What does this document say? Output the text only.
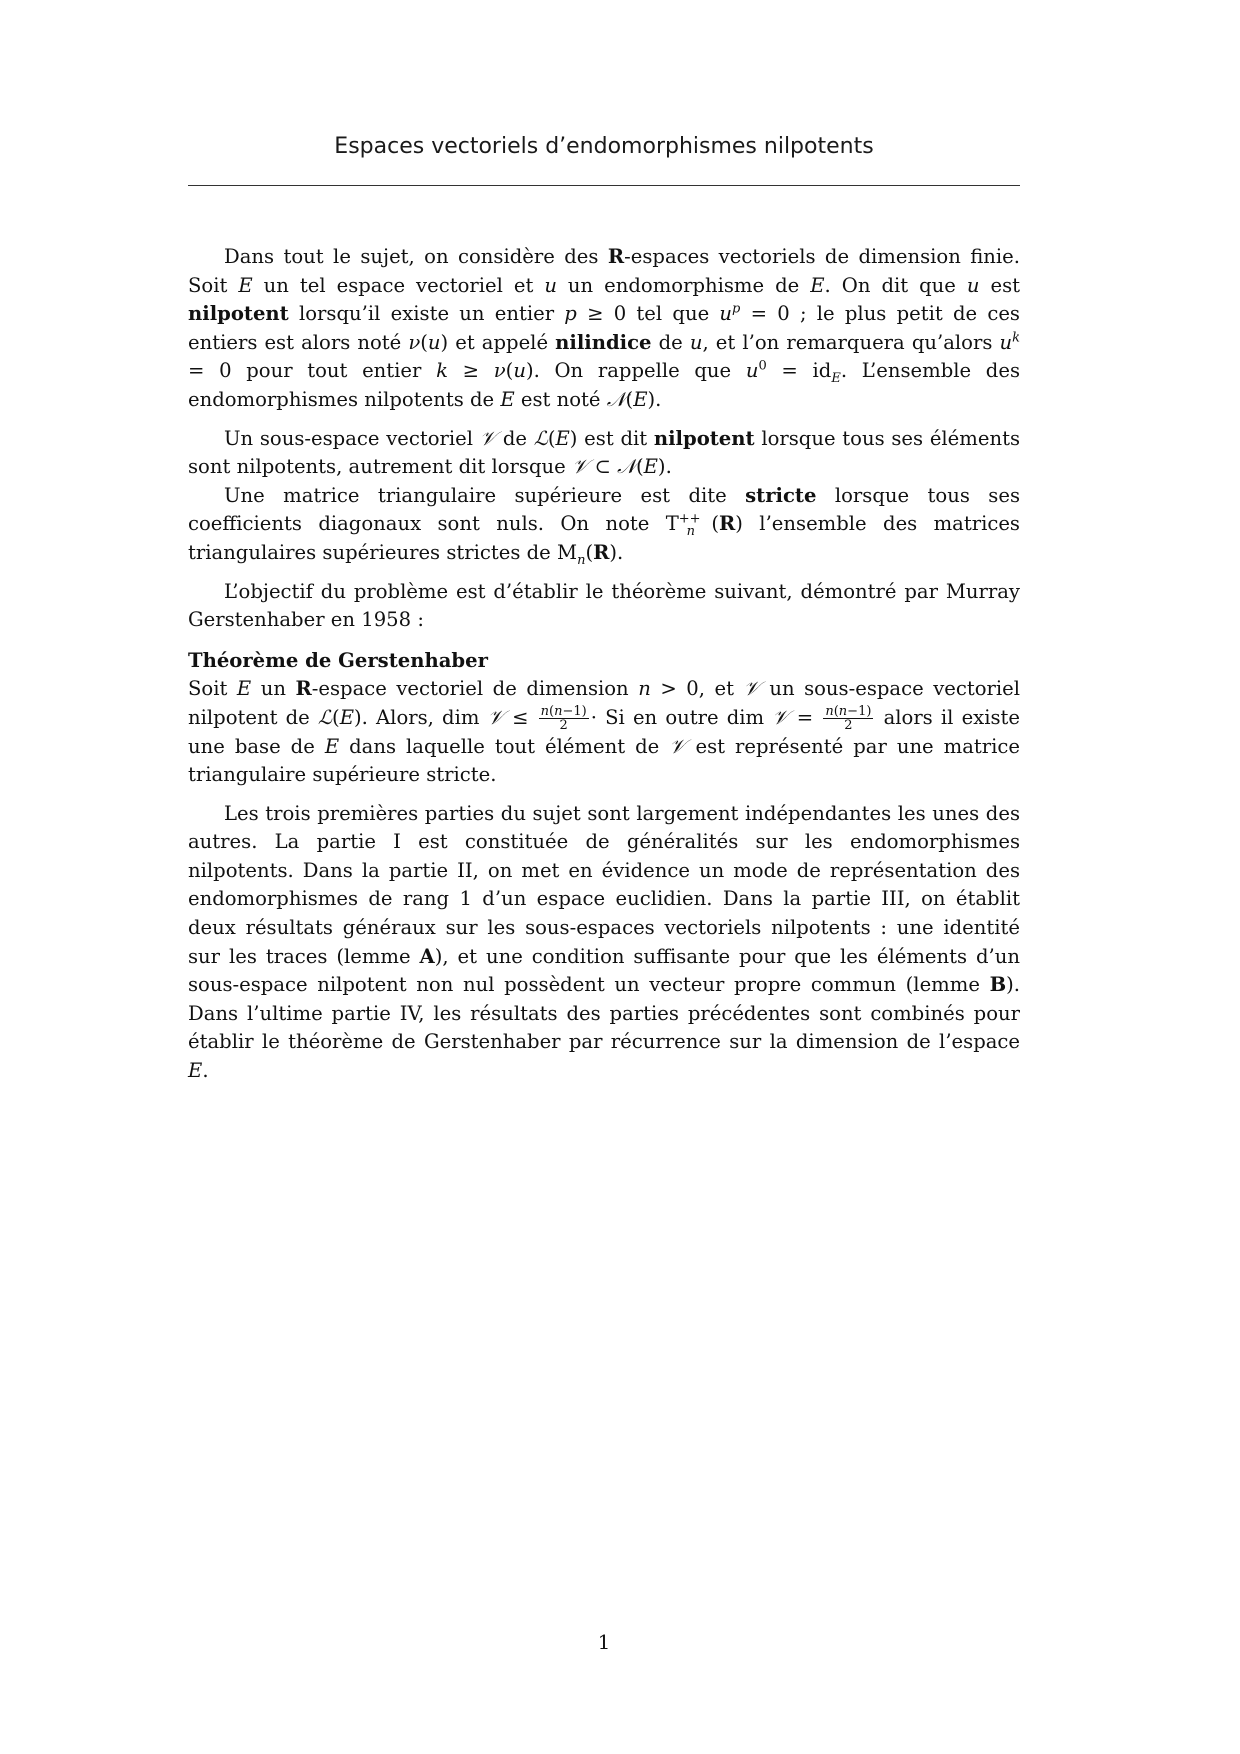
Espaces vectoriels d’endomorphismes nilpotents

Dans tout le sujet, on considère des R-espaces vectoriels de dimension finie. Soit E un tel espace vectoriel et u un endomorphisme de E. On dit que u est nilpotent lorsqu’il existe un entier p ≥ 0 tel que $u^p = 0$ ; le plus petit de ces entiers est alors noté ν(u) et appelé nilindice de u, et l’on remarquera qu’alors $u^k = 0$ pour tout entier k ≥ ν(u). On rappelle que $u^0 = id_E$. L’ensemble des endomorphismes nilpotents de E est noté 𝒩(E).

Un sous-espace vectoriel 𝒱 de ℒ(E) est dit nilpotent lorsque tous ses éléments sont nilpotents, autrement dit lorsque 𝒱 ⊂ 𝒩(E).

Une matrice triangulaire supérieure est dite stricte lorsque tous ses coefficients diagonaux sont nuls. On note $T^{++}_n$ (R) l’ensemble des matrices triangulaires supérieures strictes de $M_n(R)$.

L’objectif du problème est d’établir le théorème suivant, démontré par Murray Gerstenhaber en 1958 :

Théorème de Gerstenhaber

Soit E un R-espace vectoriel de dimension n > 0, et 𝒱 un sous-espace vectoriel nilpotent de ℒ(E). Alors, dim 𝒱 ≤ $\frac{n(n-1)}{2} \cdot Si$ en outre dim 𝒱 = $\frac{n(n-1)}{2}$ alors il existe une base de E dans laquelle tout élément de 𝒱 est représenté par une matrice triangulaire supérieure stricte.

Les trois premières parties du sujet sont largement indépendantes les unes des autres. La partie I est constituée de généralités sur les endomorphismes nilpotents. Dans la partie II, on met en évidence un mode de représentation des endomorphismes de rang 1 d’un espace euclidien. Dans la partie III, on établit deux résultats généraux sur les sous-espaces vectoriels nilpotents : une identité sur les traces (lemme A), et une condition suffisante pour que les éléments d’un sous-espace nilpotent non nul possèdent un vecteur propre commun (lemme B). Dans l’ultime partie IV, les résultats des parties précédentes sont combinés pour établir le théorème de Gerstenhaber par récurrence sur la dimension de l’espace E.

1
